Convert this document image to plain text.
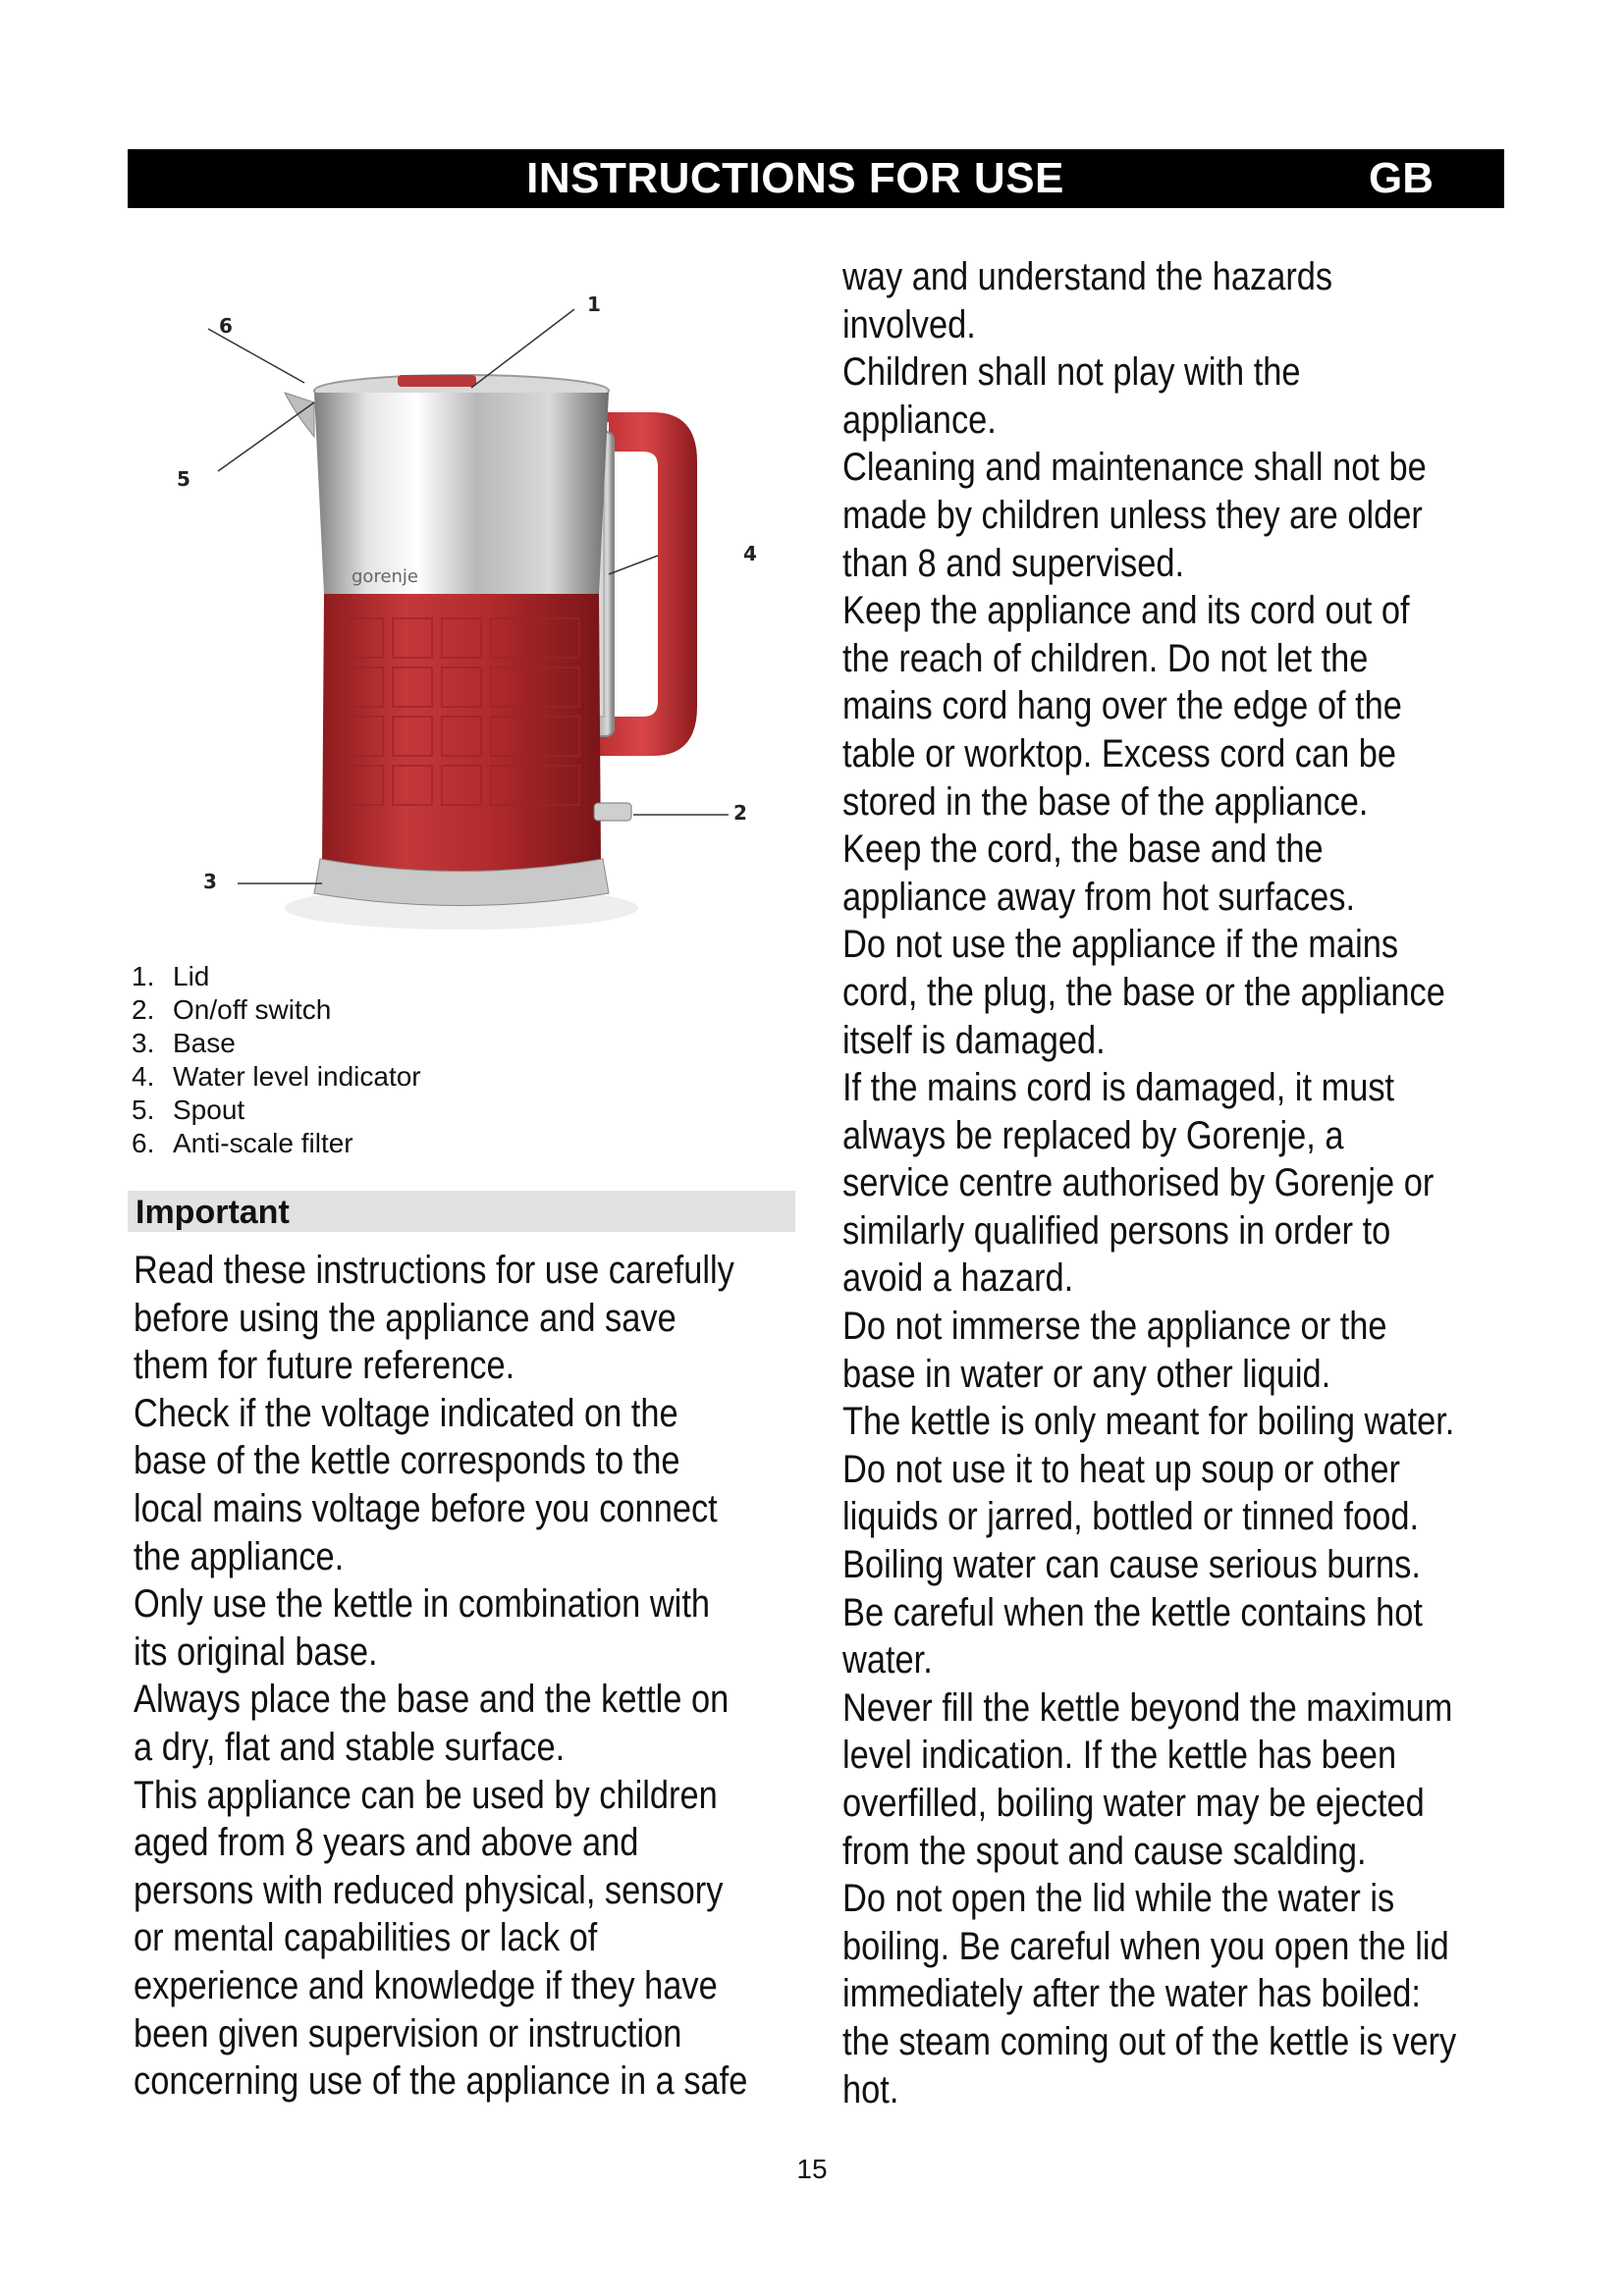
INSTRUCTIONS FOR USE	GB
gorenje
1
2
3
4
5
6
1. Lid
2. On/off switch
3. Base
4. Water level indicator
5. Spout
6. Anti-scale filter
Important
Read these instructions for use carefully
before using the appliance and save
them for future reference.
Check if the voltage indicated on the
base of the kettle corresponds to the
local mains voltage before you connect
the appliance.
Only use the kettle in combination with
its original base.
Always place the base and the kettle on
a dry, flat and stable surface.
This appliance can be used by children
aged from 8 years and above and
persons with reduced physical, sensory
or mental capabilities or lack of
experience and knowledge if they have
been given supervision or instruction
concerning use of the appliance in a safe
way and understand the hazards
involved.
Children shall not play with the
appliance.
Cleaning and maintenance shall not be
made by children unless they are older
than 8 and supervised.
Keep the appliance and its cord out of
the reach of children. Do not let the
mains cord hang over the edge of the
table or worktop. Excess cord can be
stored in the base of the appliance.
Keep the cord, the base and the
appliance away from hot surfaces.
Do not use the appliance if the mains
cord, the plug, the base or the appliance
itself is damaged.
If the mains cord is damaged, it must
always be replaced by Gorenje, a
service centre authorised by Gorenje or
similarly qualified persons in order to
avoid a hazard.
Do not immerse the appliance or the
base in water or any other liquid.
The kettle is only meant for boiling water.
Do not use it to heat up soup or other
liquids or jarred, bottled or tinned food.
Boiling water can cause serious burns.
Be careful when the kettle contains hot
water.
Never fill the kettle beyond the maximum
level indication. If the kettle has been
overfilled, boiling water may be ejected
from the spout and cause scalding.
Do not open the lid while the water is
boiling. Be careful when you open the lid
immediately after the water has boiled:
the steam coming out of the kettle is very
hot.
15
